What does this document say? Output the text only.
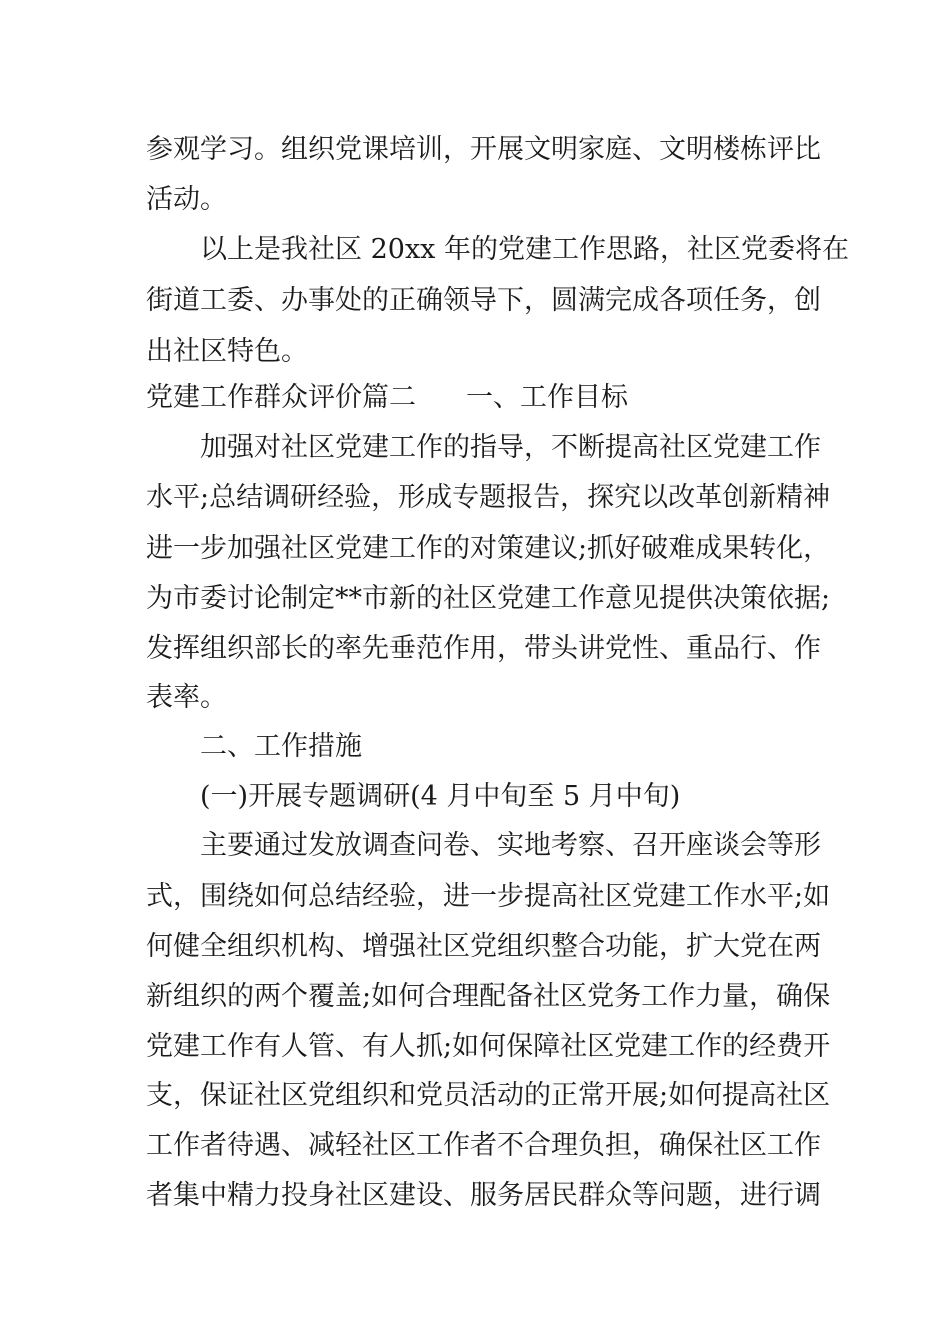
参观学习。组织党课培训，开展文明家庭、文明楼栋评比
活动。
以上是我社区 20xx 年的党建工作思路，社区党委将在
街道工委、办事处的正确领导下，圆满完成各项任务，创
出社区特色。
党建工作群众评价篇二 一、工作目标
加强对社区党建工作的指导，不断提高社区党建工作
水平;总结调研经验，形成专题报告，探究以改革创新精神
进一步加强社区党建工作的对策建议;抓好破难成果转化，
为市委讨论制定**市新的社区党建工作意见提供决策依据;
发挥组织部长的率先垂范作用，带头讲党性、重品行、作
表率。
二、工作措施
(一)开展专题调研(4 月中旬至 5 月中旬)
主要通过发放调查问卷、实地考察、召开座谈会等形
式，围绕如何总结经验，进一步提高社区党建工作水平;如
何健全组织机构、增强社区党组织整合功能，扩大党在两
新组织的两个覆盖;如何合理配备社区党务工作力量，确保
党建工作有人管、有人抓;如何保障社区党建工作的经费开
支，保证社区党组织和党员活动的正常开展;如何提高社区
工作者待遇、减轻社区工作者不合理负担，确保社区工作
者集中精力投身社区建设、服务居民群众等问题，进行调
